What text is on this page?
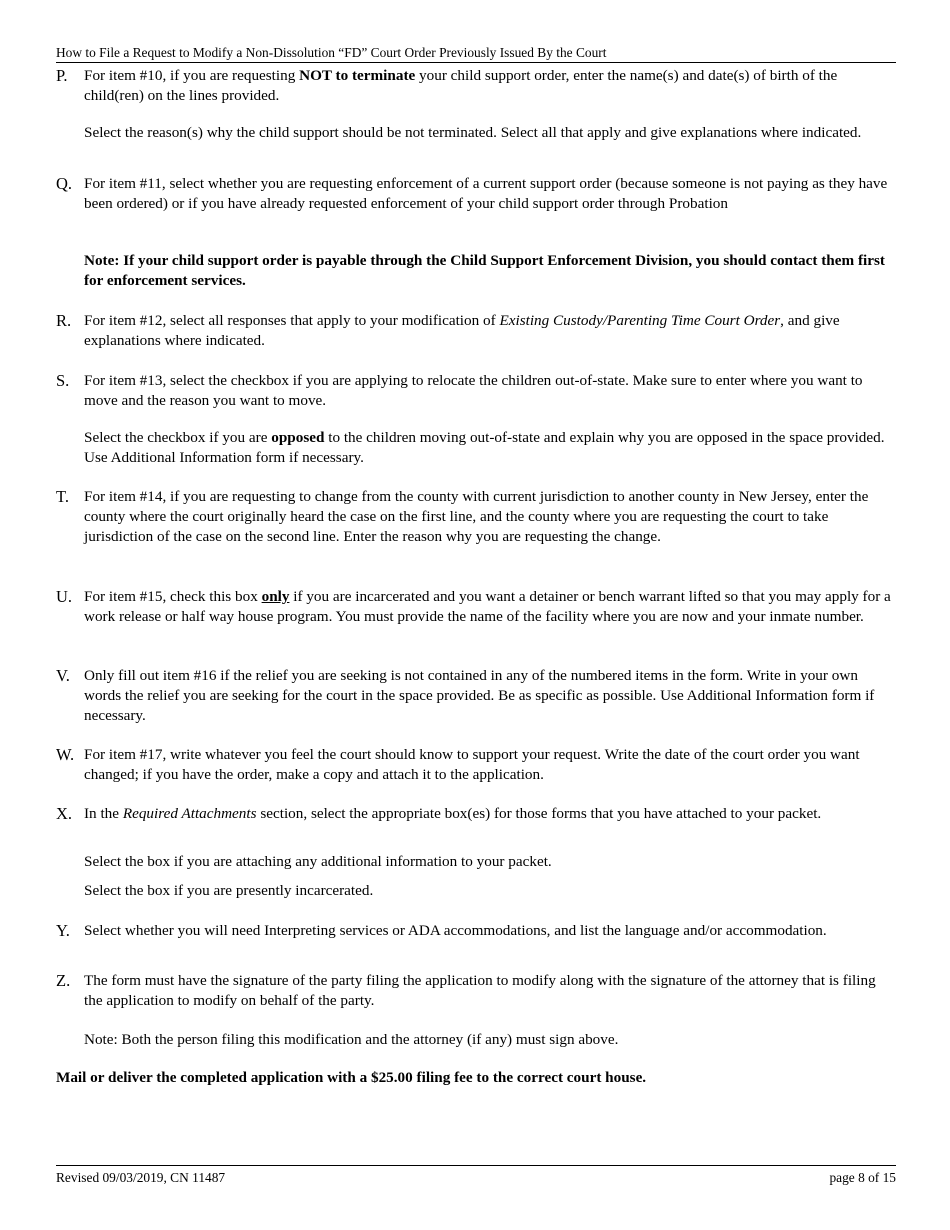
How to File a Request to Modify a Non-Dissolution “FD” Court Order Previously Issued By the Court
P. For item #10, if you are requesting NOT to terminate your child support order, enter the name(s) and date(s) of birth of the child(ren) on the lines provided.
Select the reason(s) why the child support should be not terminated. Select all that apply and give explanations where indicated.
Q. For item #11, select whether you are requesting enforcement of a current support order (because someone is not paying as they have been ordered) or if you have already requested enforcement of your child support order through Probation
Note: If your child support order is payable through the Child Support Enforcement Division, you should contact them first for enforcement services.
R. For item #12, select all responses that apply to your modification of Existing Custody/Parenting Time Court Order, and give explanations where indicated.
S. For item #13, select the checkbox if you are applying to relocate the children out-of-state. Make sure to enter where you want to move and the reason you want to move.
Select the checkbox if you are opposed to the children moving out-of-state and explain why you are opposed in the space provided. Use Additional Information form if necessary.
T. For item #14, if you are requesting to change from the county with current jurisdiction to another county in New Jersey, enter the county where the court originally heard the case on the first line, and the county where you are requesting the court to take jurisdiction of the case on the second line. Enter the reason why you are requesting the change.
U. For item #15, check this box only if you are incarcerated and you want a detainer or bench warrant lifted so that you may apply for a work release or half way house program. You must provide the name of the facility where you are now and your inmate number.
V. Only fill out item #16 if the relief you are seeking is not contained in any of the numbered items in the form. Write in your own words the relief you are seeking for the court in the space provided. Be as specific as possible. Use Additional Information form if necessary.
W. For item #17, write whatever you feel the court should know to support your request. Write the date of the court order you want changed; if you have the order, make a copy and attach it to the application.
X. In the Required Attachments section, select the appropriate box(es) for those forms that you have attached to your packet.
Select the box if you are attaching any additional information to your packet.
Select the box if you are presently incarcerated.
Y. Select whether you will need Interpreting services or ADA accommodations, and list the language and/or accommodation.
Z. The form must have the signature of the party filing the application to modify along with the signature of the attorney that is filing the application to modify on behalf of the party.
Note: Both the person filing this modification and the attorney (if any) must sign above.
Mail or deliver the completed application with a $25.00 filing fee to the correct court house.
Revised 09/03/2019, CN 11487	page 8 of 15
